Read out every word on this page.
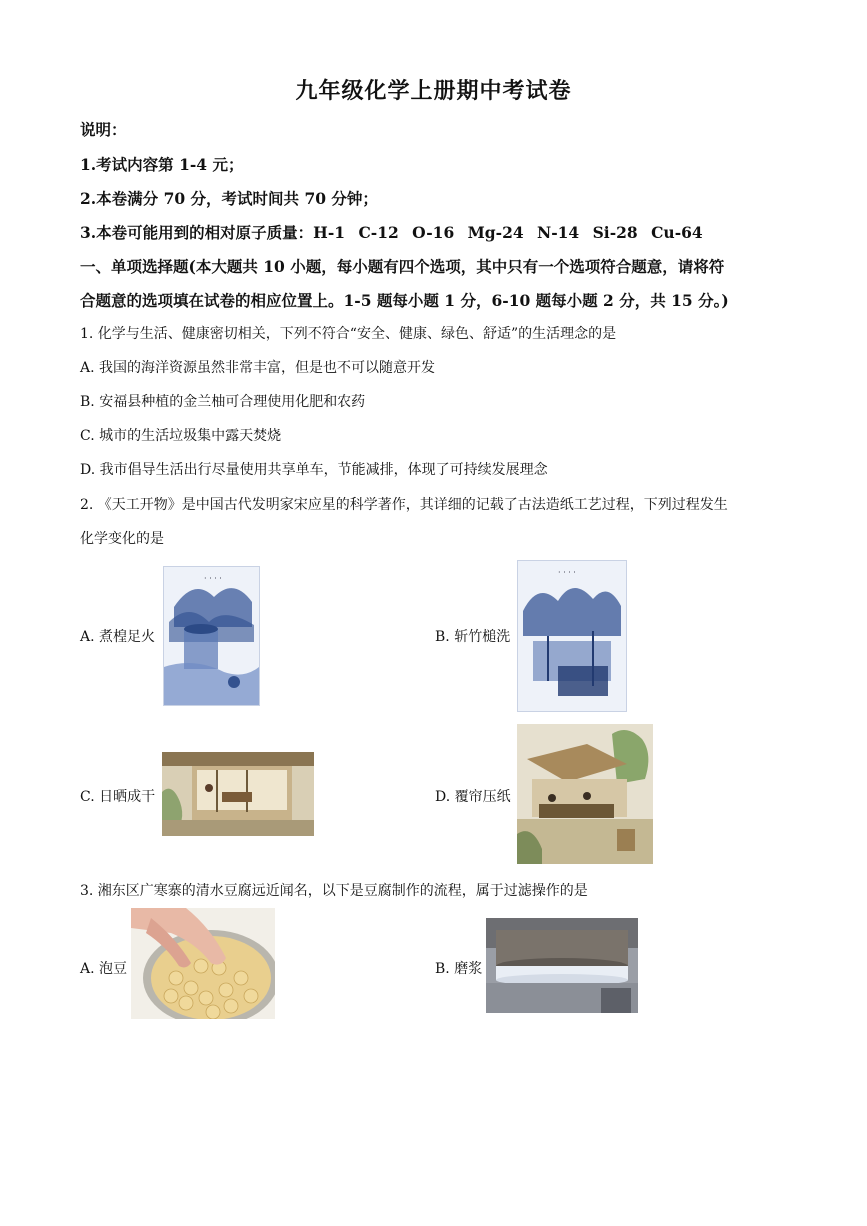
九年级化学上册期中考试卷
说明：
1.考试内容第 1-4 元；
2.本卷满分 70 分，考试时间共 70 分钟；
3.本卷可能用到的相对原子质量：H-1 C-12 O-16 Mg-24 N-14 Si-28 Cu-64
一、单项选择题(本大题共 10 小题，每小题有四个选项，其中只有一个选项符合题意，请将符
合题意的选项填在试卷的相应位置上。1-5 题每小题 1 分，6-10 题每小题 2 分，共 15 分。)
1. 化学与生活、健康密切相关，下列不符合“安全、健康、绿色、舒适”的生活理念的是
A. 我国的海洋资源虽然非常丰富，但是也不可以随意开发
B. 安福县种植的金兰柚可合理使用化肥和农药
C. 城市的生活垃圾集中露天焚烧
D. 我市倡导生活出行尽量使用共享单车，节能减排，体现了可持续发展理念
2. 《天工开物》是中国古代发明家宋应星的科学著作，其详细的记载了古法造纸工艺过程，下列过程发生
化学变化的是
· · · ·
A. 煮楻足火
· · · ·
B. 斩竹槌洗
C. 日晒成干	D. 覆帘压纸
3. 湘东区广寒寨的清水豆腐远近闻名，以下是豆腐制作的流程，属于过滤操作的是
A. 泡豆	B. 磨浆
